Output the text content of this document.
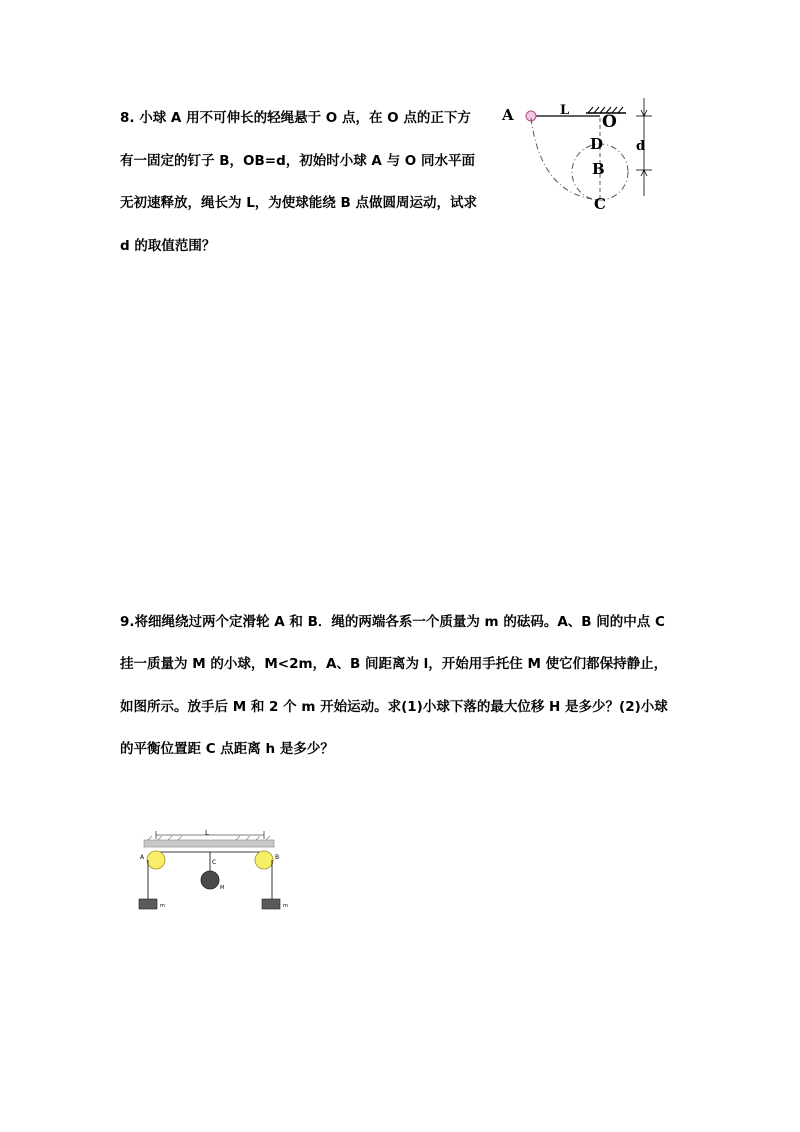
8. 小球 A 用不可伸长的轻绳悬于 O 点，在 O 点的正下方
有一固定的钉子 B，OB=d，初始时小球 A 与 O 同水平面
无初速释放，绳长为 L，为使球能绕 B 点做圆周运动，试求
d 的取值范围？
A	L
O
D
B
C
d
9.将细绳绕过两个定滑轮 A 和 B．绳的两端各系一个质量为 m 的砝码。A、B 间的中点 C
挂一质量为 M 的小球，M<2m，A、B 间距离为 l，开始用手托住 M 使它们都保持静止，
如图所示。放手后 M 和 2 个 m 开始运动。求(1)小球下落的最大位移 H 是多少？(2)小球
的平衡位置距 C 点距离 h 是多少？
L
A	B
C
M
m	m
